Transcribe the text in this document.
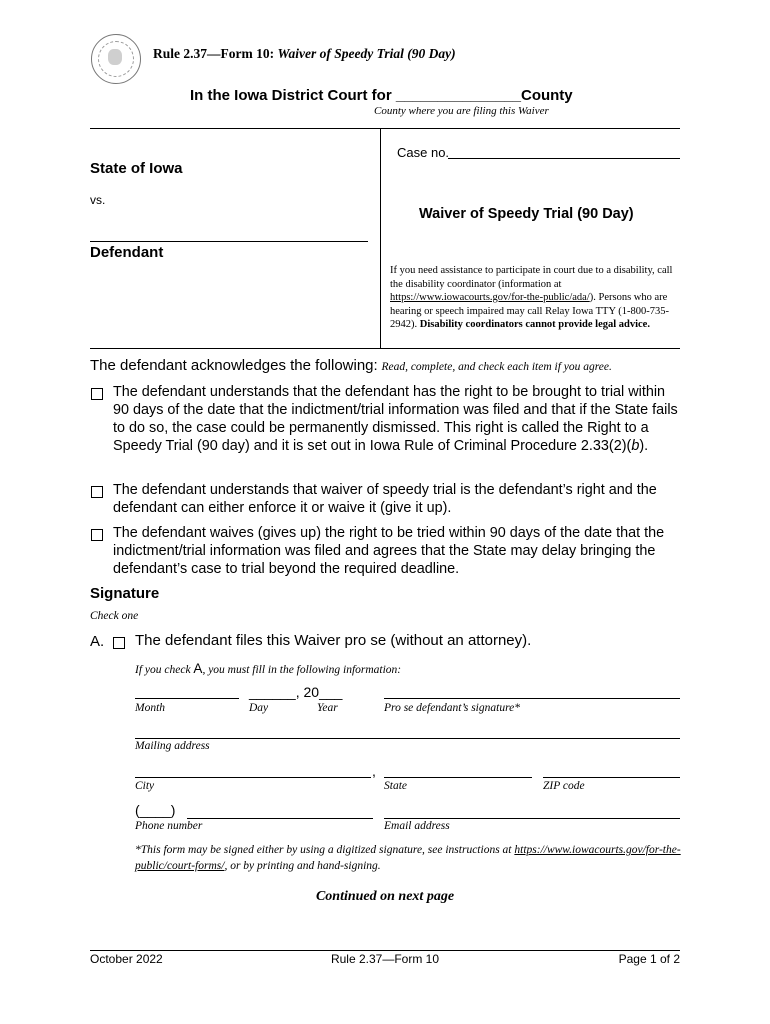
Rule 2.37—Form 10: Waiver of Speedy Trial (90 Day)
In the Iowa District Court for _______________County
County where you are filing this Waiver
State of Iowa
vs.
Defendant
Case no.
Waiver of Speedy Trial (90 Day)
If you need assistance to participate in court due to a disability, call the disability coordinator (information at https://www.iowacourts.gov/for-the-public/ada/). Persons who are hearing or speech impaired may call Relay Iowa TTY (1-800-735-2942). Disability coordinators cannot provide legal advice.
The defendant acknowledges the following: Read, complete, and check each item if you agree.
The defendant understands that the defendant has the right to be brought to trial within 90 days of the date that the indictment/trial information was filed and that if the State fails to do so, the case could be permanently dismissed. This right is called the Right to a Speedy Trial (90 day) and it is set out in Iowa Rule of Criminal Procedure 2.33(2)(b).
The defendant understands that waiver of speedy trial is the defendant’s right and the defendant can either enforce it or waive it (give it up).
The defendant waives (gives up) the right to be tried within 90 days of the date that the indictment/trial information was filed and agrees that the State may delay bringing the defendant’s case to trial beyond the required deadline.
Signature
Check one
A. The defendant files this Waiver pro se (without an attorney).
If you check A, you must fill in the following information:
______, 20___
Month	Day	Year	Pro se defendant’s signature*
Mailing address
,
City	State	ZIP code
(____)
Phone number	Email address
*This form may be signed either by using a digitized signature, see instructions at https://www.iowacourts.gov/for-the-public/court-forms/, or by printing and hand-signing.
Continued on next page
October 2022	Rule 2.37—Form 10	Page 1 of 2
